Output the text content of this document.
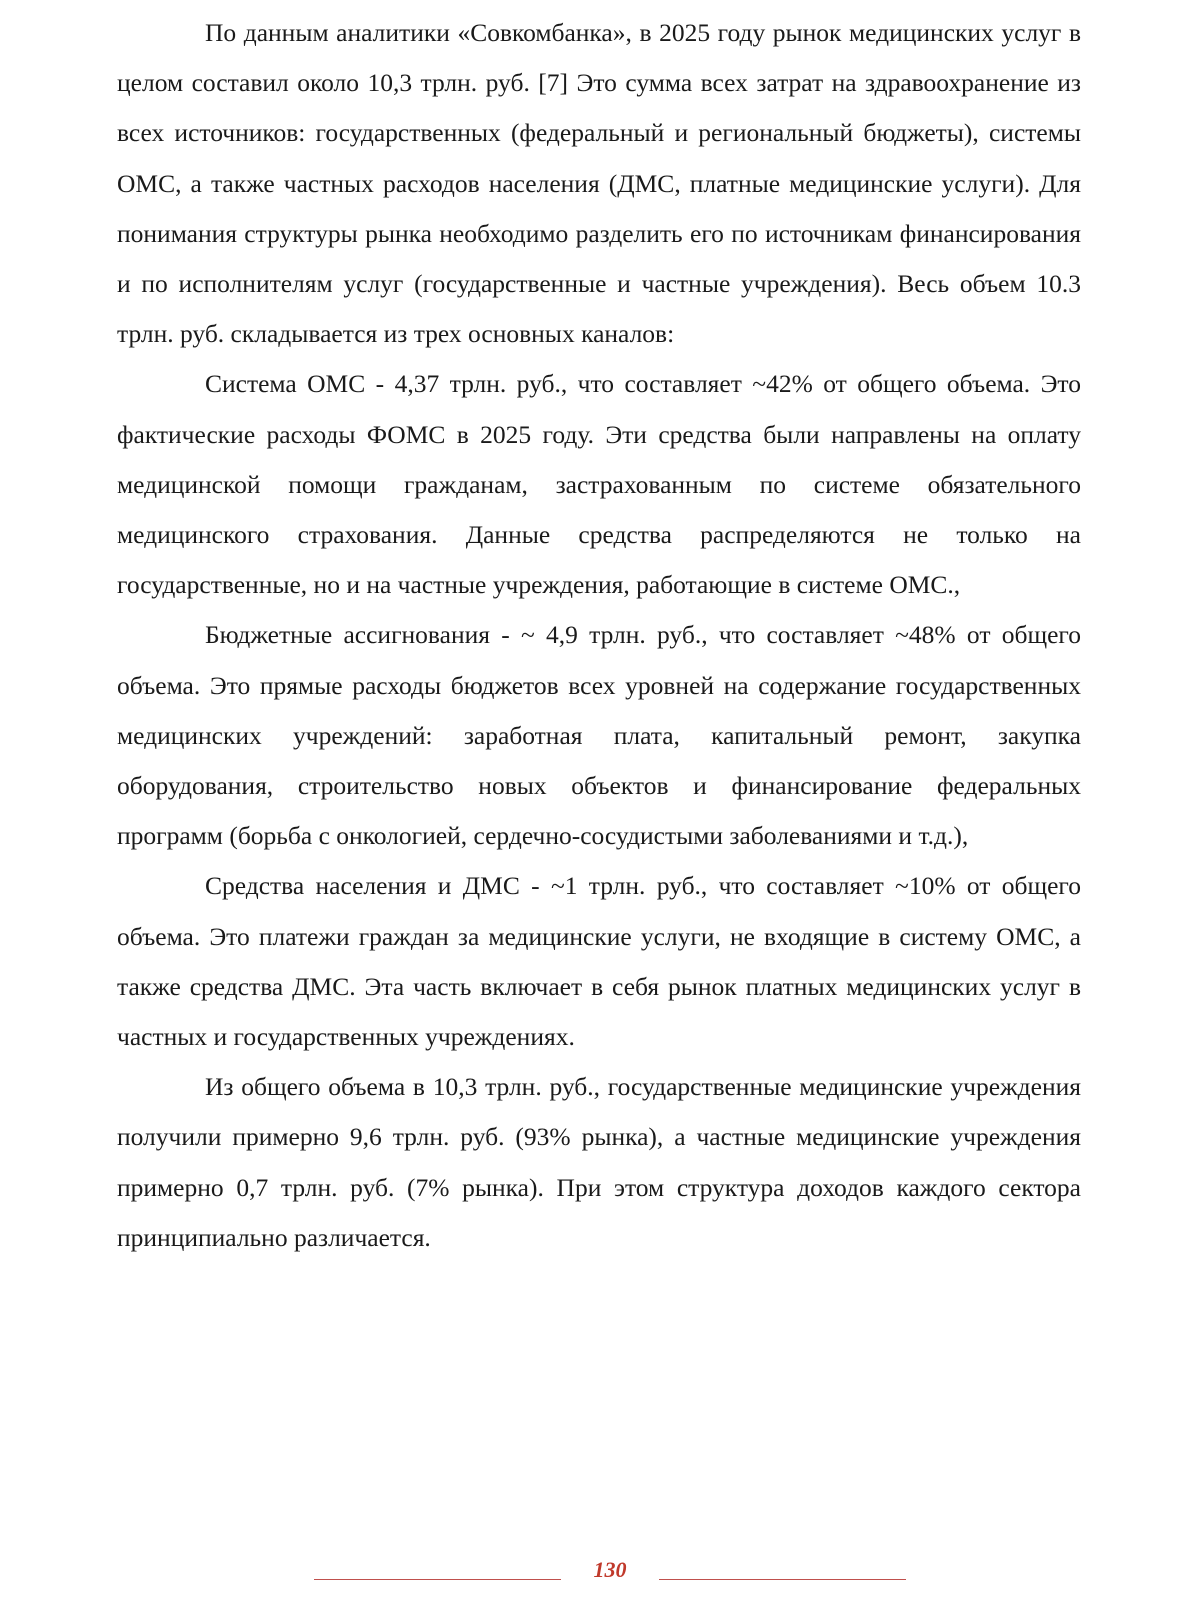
По данным аналитики «Совкомбанка», в 2025 году рынок медицинских услуг в целом составил около 10,3 трлн. руб. [7] Это сумма всех затрат на здравоохранение из всех источников: государственных (федеральный и региональный бюджеты), системы ОМС, а также частных расходов населения (ДМС, платные медицинские услуги). Для понимания структуры рынка необходимо разделить его по источникам финансирования и по исполнителям услуг (государственные и частные учреждения). Весь объем 10.3 трлн. руб. складывается из трех основных каналов:

Система ОМС - 4,37 трлн. руб., что составляет ~42% от общего объема. Это фактические расходы ФОМС в 2025 году. Эти средства были направлены на оплату медицинской помощи гражданам, застрахованным по системе обязательного медицинского страхования. Данные средства распределяются не только на государственные, но и на частные учреждения, работающие в системе ОМС.,

Бюджетные ассигнования - ~ 4,9 трлн. руб., что составляет ~48% от общего объема. Это прямые расходы бюджетов всех уровней на содержание государственных медицинских учреждений: заработная плата, капитальный ремонт, закупка оборудования, строительство новых объектов и финансирование федеральных программ (борьба с онкологией, сердечно-сосудистыми заболеваниями и т.д.),

Средства населения и ДМС - ~1 трлн. руб., что составляет ~10% от общего объема. Это платежи граждан за медицинские услуги, не входящие в систему ОМС, а также средства ДМС. Эта часть включает в себя рынок платных медицинских услуг в частных и государственных учреждениях.

Из общего объема в 10,3 трлн. руб., государственные медицинские учреждения получили примерно 9,6 трлн. руб. (93% рынка), а частные медицинские учреждения примерно 0,7 трлн. руб. (7% рынка). При этом структура доходов каждого сектора принципиально различается.

130
